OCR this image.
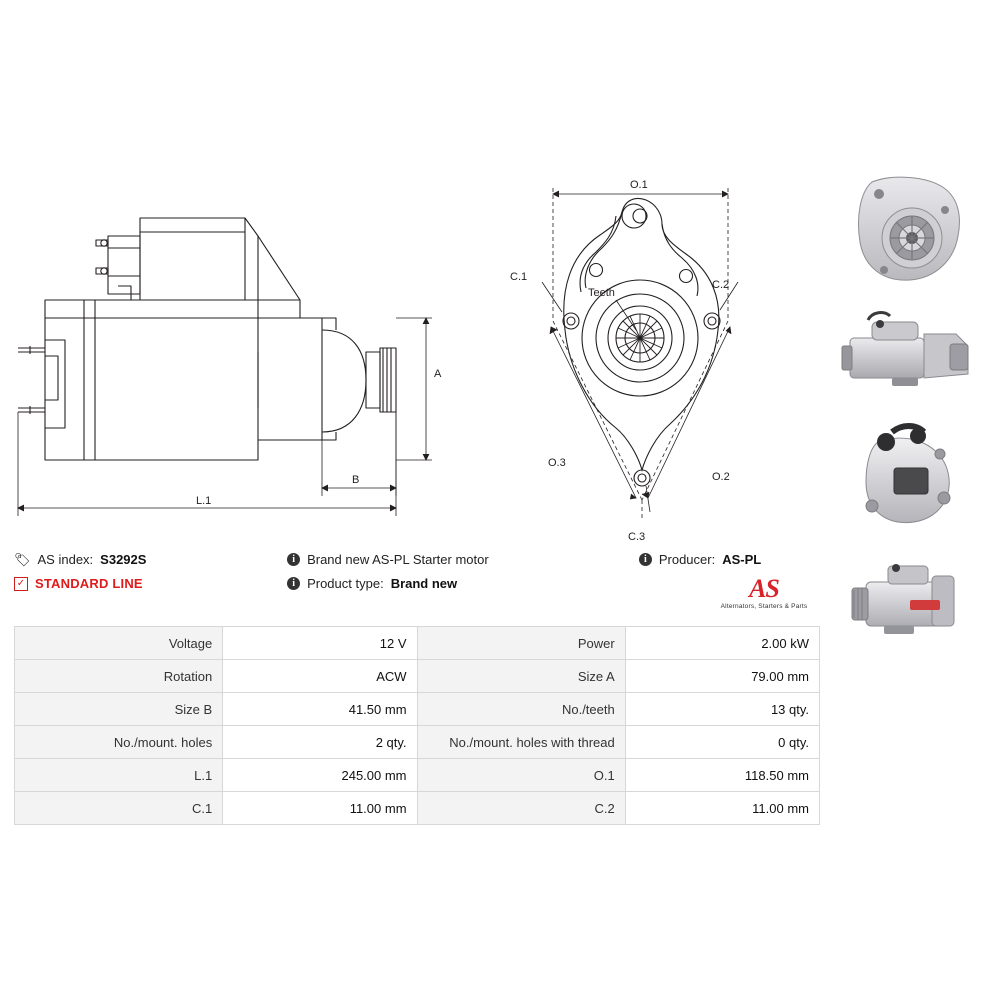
A
B
L.1
O.1
C.2
C.1
C.3
O.3
O.2
Teeth
🏷 AS index: S3292S	i Brand new AS-PL Starter motor	i Producer: AS-PL
✓ STANDARD LINE	i Product type: Brand new	AS
Alternators, Starters & Parts
Voltage	12 V	Power	2.00 kW
Rotation	ACW	Size A	79.00 mm
Size B	41.50 mm	No./teeth	13 qty.
No./mount. holes	2 qty.	No./mount. holes with thread	0 qty.
L.1	245.00 mm	O.1	118.50 mm
C.1	11.00 mm	C.2	11.00 mm
